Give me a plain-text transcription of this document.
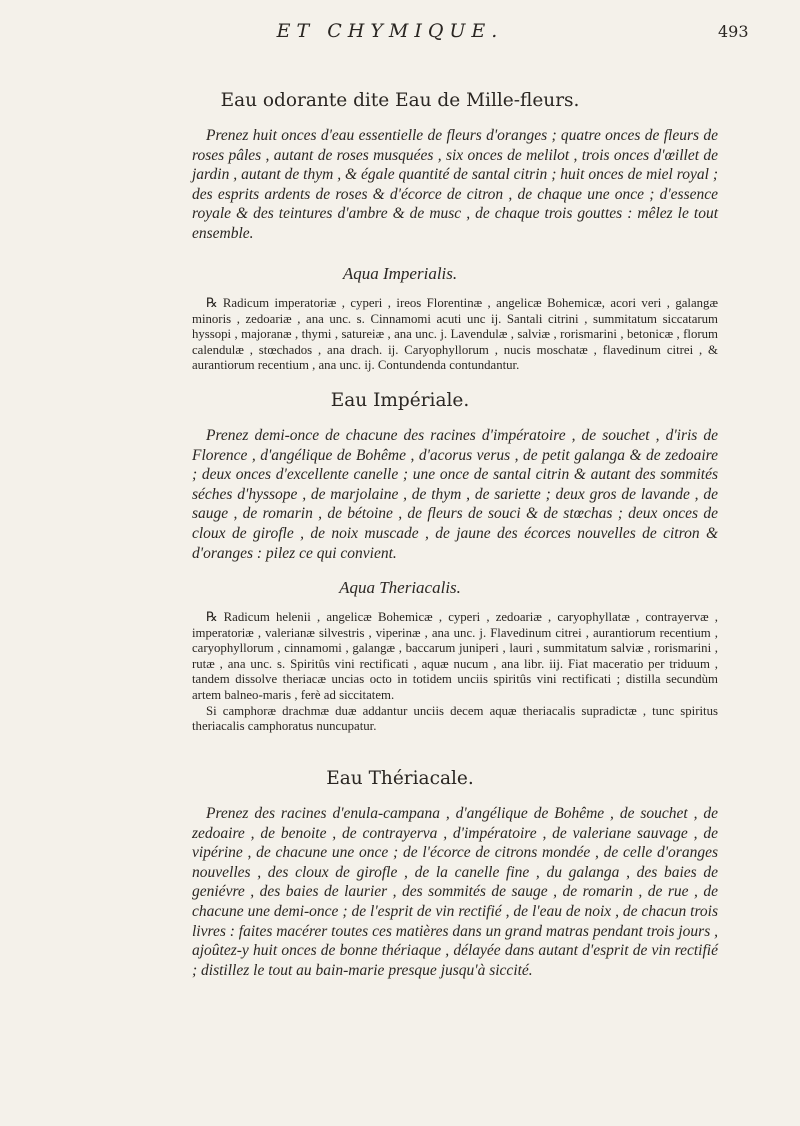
ET CHYMIQUE.	493
Eau odorante dite Eau de Mille-fleurs.

Prenez huit onces d'eau essentielle de fleurs d'oranges ; quatre onces de fleurs de roses pâles , autant de roses musquées , six onces de melilot , trois onces d'œillet de jardin , autant de thym , & égale quantité de santal citrin ; huit onces de miel royal ; des esprits ardents de roses & d'écorce de citron , de chaque une once ; d'essence royale & des teintures d'ambre & de musc , de chaque trois gouttes : mêlez le tout ensemble.

Aqua Imperialis.

℞ Radicum imperatoriæ , cyperi , ireos Florentinæ , angelicæ Bohemicæ, acori veri , galangæ minoris , zedoariæ , ana unc. s. Cinnamomi acuti unc ij. Santali citrini , summitatum siccatarum hyssopi , majoranæ , thymi , satureiæ , ana unc. j. Lavendulæ , salviæ , rorismarini , betonicæ , florum calendulæ , stœchados , ana drach. ij. Caryophyllorum , nucis moschatæ , flavedinum citrei , & aurantiorum recentium , ana unc. ij. Contundenda contundantur.

Eau Impériale.

Prenez demi-once de chacune des racines d'impératoire , de souchet , d'iris de Florence , d'angélique de Bohême , d'acorus verus , de petit galanga & de zedoaire ; deux onces d'excellente canelle ; une once de santal citrin & autant des sommités séches d'hyssope , de marjolaine , de thym , de sariette ; deux gros de lavande , de sauge , de romarin , de bétoine , de fleurs de souci & de stœchas ; deux onces de cloux de girofle , de noix muscade , de jaune des écorces nouvelles de citron & d'oranges : pilez ce qui convient.

Aqua Theriacalis.

℞ Radicum helenii , angelicæ Bohemicæ , cyperi , zedoariæ , caryophyllatæ , contrayervæ , imperatoriæ , valerianæ silvestris , viperinæ , ana unc. j. Flavedinum citrei , aurantiorum recentium , caryophyllorum , cinnamomi , galangæ , baccarum juniperi , lauri , summitatum salviæ , rorismarini , rutæ , ana unc. s. Spiritûs vini rectificati , aquæ nucum , ana libr. iij. Fiat maceratio per triduum , tandem dissolve theriacæ uncias octo in totidem unciis spiritûs vini rectificati ; distilla secundùm artem balneo-maris , ferè ad siccitatem.

Si camphoræ drachmæ duæ addantur unciis decem aquæ theriacalis supradictæ , tunc spiritus theriacalis camphoratus nuncupatur.

Eau Thériacale.

Prenez des racines d'enula-campana , d'angélique de Bohême , de souchet , de zedoaire , de benoite , de contrayerva , d'impératoire , de valeriane sauvage , de vipérine , de chacune une once ; de l'écorce de citrons mondée , de celle d'oranges nouvelles , des cloux de girofle , de la canelle fine , du galanga , des baies de geniévre , des baies de laurier , des sommités de sauge , de romarin , de rue , de chacune une demi-once ; de l'esprit de vin rectifié , de l'eau de noix , de chacun trois livres : faites macérer toutes ces matières dans un grand matras pendant trois jours , ajoûtez-y huit onces de bonne thériaque , délayée dans autant d'esprit de vin rectifié ; distillez le tout au bain-marie presque jusqu'à siccité.
